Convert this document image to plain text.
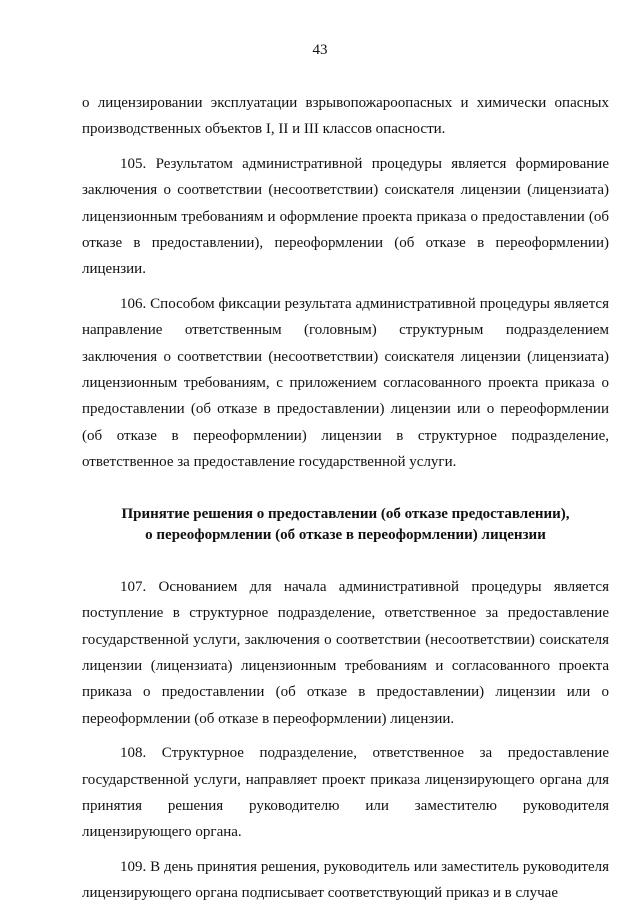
43

о лицензировании эксплуатации взрывопожароопасных и химически опасных производственных объектов I, II и III классов опасности.

105. Результатом административной процедуры является формирование заключения о соответствии (несоответствии) соискателя лицензии (лицензиата) лицензионным требованиям и оформление проекта приказа о предоставлении (об отказе в предоставлении), переоформлении (об отказе в переоформлении) лицензии.

106. Способом фиксации результата административной процедуры является направление ответственным (головным) структурным подразделением заключения о соответствии (несоответствии) соискателя лицензии (лицензиата) лицензионным требованиям, с приложением согласованного проекта приказа о предоставлении (об отказе в предоставлении) лицензии или о переоформлении (об отказе в переоформлении) лицензии в структурное подразделение, ответственное за предоставление государственной услуги.

Принятие решения о предоставлении (об отказе предоставлении),
о переоформлении (об отказе в переоформлении) лицензии

107. Основанием для начала административной процедуры является поступление в структурное подразделение, ответственное за предоставление государственной услуги, заключения о соответствии (несоответствии) соискателя лицензии (лицензиата) лицензионным требованиям и согласованного проекта приказа о предоставлении (об отказе в предоставлении) лицензии или о переоформлении (об отказе в переоформлении) лицензии.

108. Структурное подразделение, ответственное за предоставление государственной услуги, направляет проект приказа лицензирующего органа для принятия решения руководителю или заместителю руководителя лицензирующего органа.

109. В день принятия решения, руководитель или заместитель руководителя лицензирующего органа подписывает соответствующий приказ и в случае
